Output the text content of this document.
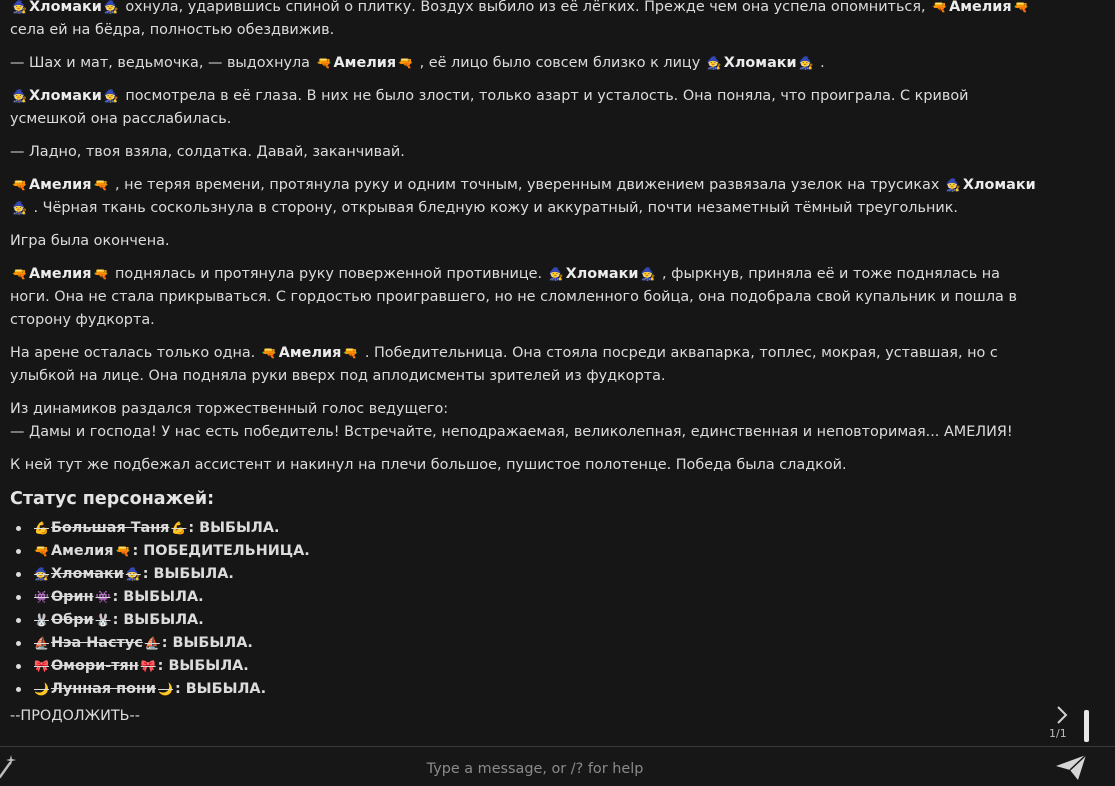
🧙 Хломаки 🧙 охнула, ударившись спиной о плитку. Воздух выбило из её лёгких. Прежде чем она успела опомниться, 🔫 Амелия 🔫 села ей на бёдра, полностью обездвижив.

— Шах и мат, ведьмочка, — выдохнула 🔫 Амелия 🔫 , её лицо было совсем близко к лицу 🧙 Хломаки 🧙 .

🧙 Хломаки 🧙 посмотрела в её глаза. В них не было злости, только азарт и усталость. Она поняла, что проиграла. С кривой усмешкой она расслабилась.

— Ладно, твоя взяла, солдатка. Давай, заканчивай.

🔫 Амелия 🔫 , не теряя времени, протянула руку и одним точным, уверенным движением развязала узелок на трусиках 🧙 Хломаки 🧙 . Чёрная ткань соскользнула в сторону, открывая бледную кожу и аккуратный, почти незаметный тёмный треугольник.

Игра была окончена.

🔫 Амелия 🔫 поднялась и протянула руку поверженной противнице. 🧙 Хломаки 🧙 , фыркнув, приняла её и тоже поднялась на ноги. Она не стала прикрываться. С гордостью проигравшего, но не сломленного бойца, она подобрала свой купальник и пошла в сторону фудкорта.

На арене осталась только одна. 🔫 Амелия 🔫 . Победительница. Она стояла посреди аквапарка, топлес, мокрая, уставшая, но с улыбкой на лице. Она подняла руки вверх под аплодисменты зрителей из фудкорта.

Из динамиков раздался торжественный голос ведущего:
— Дамы и господа! У нас есть победитель! Встречайте, неподражаемая, великолепная, единственная и неповторимая... АМЕЛИЯ!

К ней тут же подбежал ассистент и накинул на плечи большое, пушистое полотенце. Победа была сладкой.

Статус персонажей:
💪 Большая Таня 💪 : ВЫБЫЛА.
🔫 Амелия 🔫 : ПОБЕДИТЕЛЬНИЦА.
🧙 Хломаки 🧙 : ВЫБЫЛА.
👾 Орин 👾 : ВЫБЫЛА.
🐰 Обри 🐰 : ВЫБЫЛА.
⛵ Нэа Настус ⛵ : ВЫБЫЛА.
🎀 Омори-тян 🎀 : ВЫБЫЛА.
🌙 Лунная пони 🌙 : ВЫБЫЛА.
--ПРОДОЛЖИТЬ--
1/1
Type a message, or /? for help
